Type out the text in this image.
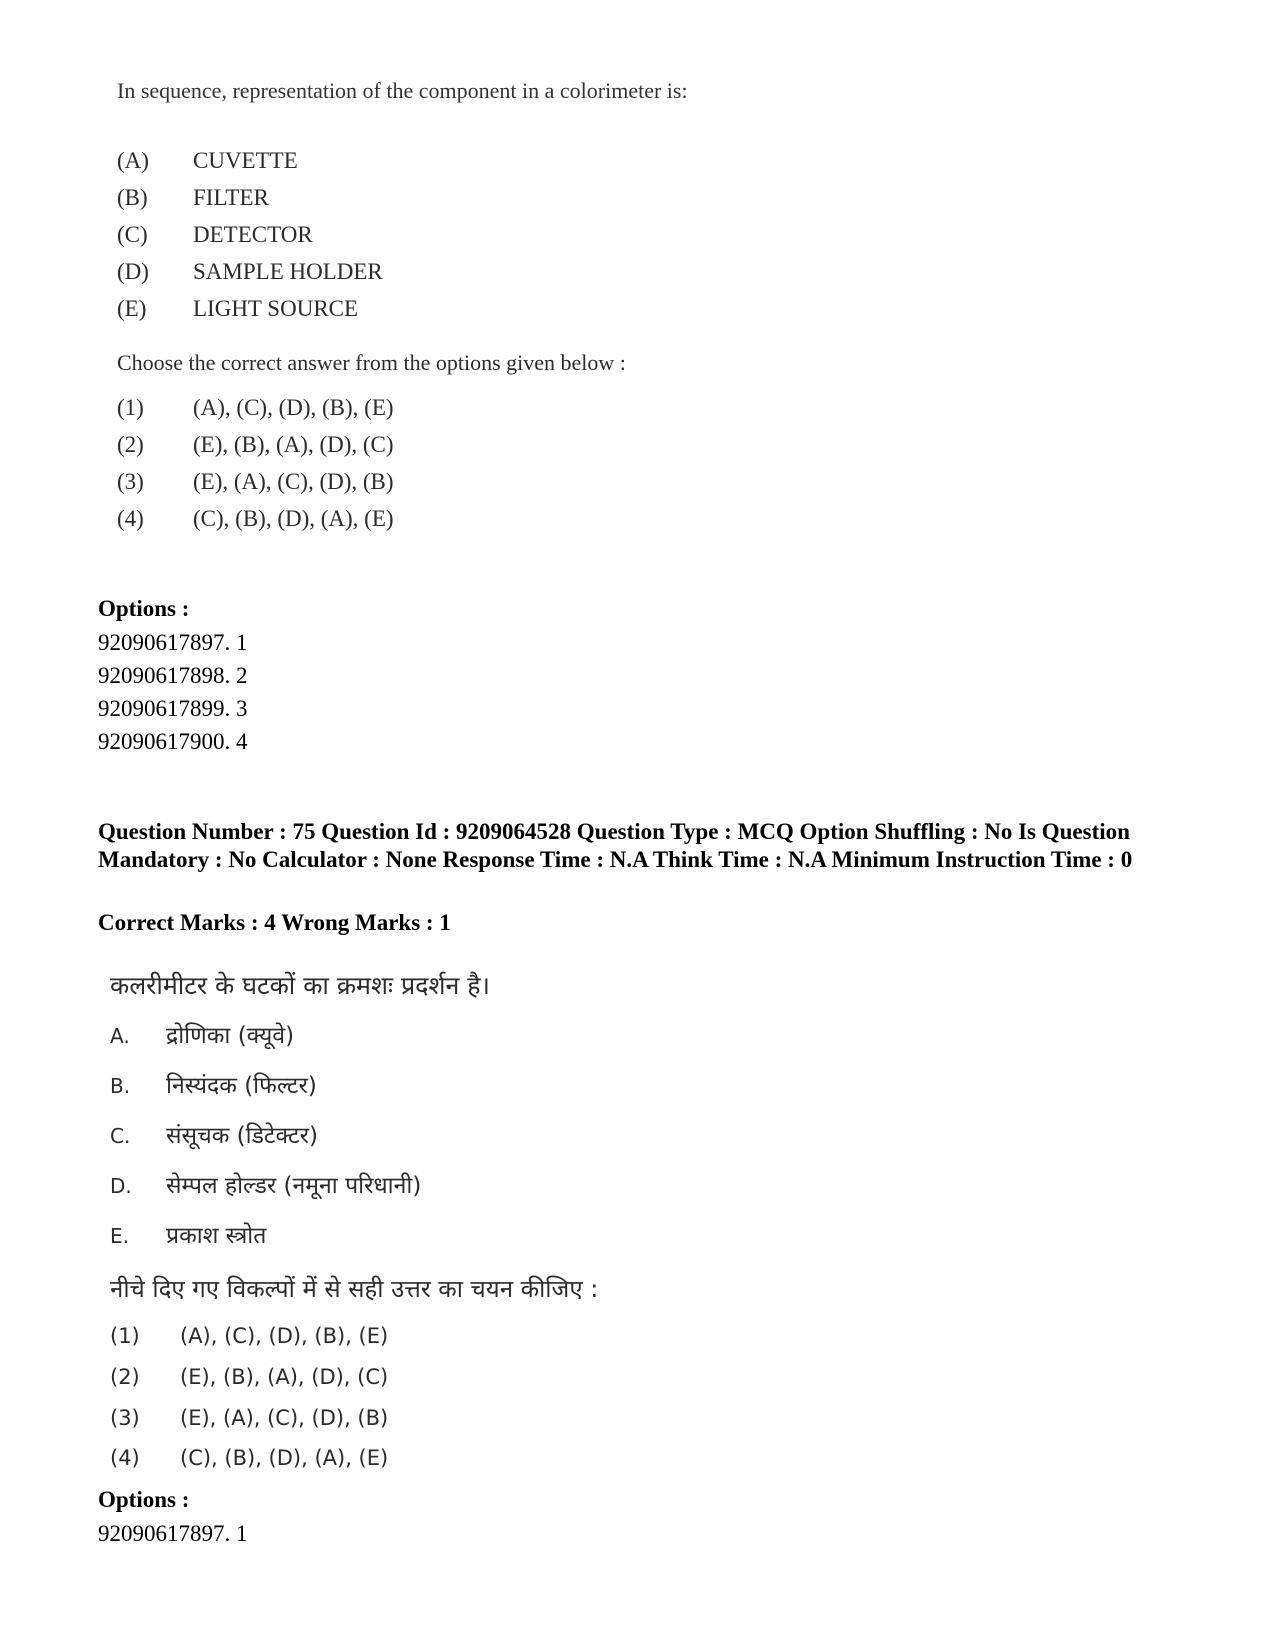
In sequence, representation of the component in a colorimeter is:
(A) CUVETTE
(B) FILTER
(C) DETECTOR
(D) SAMPLE HOLDER
(E) LIGHT SOURCE
Choose the correct answer from the options given below :
(1) (A), (C), (D), (B), (E)
(2) (E), (B), (A), (D), (C)
(3) (E), (A), (C), (D), (B)
(4) (C), (B), (D), (A), (E)
Options :
92090617897. 1
92090617898. 2
92090617899. 3
92090617900. 4
Question Number : 75 Question Id : 9209064528 Question Type : MCQ Option Shuffling : No Is Question Mandatory : No Calculator : None Response Time : N.A Think Time : N.A Minimum Instruction Time : 0
Correct Marks : 4 Wrong Marks : 1
कलरीमीटर के घटकों का क्रमशः प्रदर्शन है।
A. द्रोणिका (क्यूवे)
B. निस्यंदक (फिल्टर)
C. संसूचक (डिटेक्टर)
D. सेम्पल होल्डर (नमूना परिधानी)
E. प्रकाश स्त्रोत
नीचे दिए गए विकल्पों में से सही उत्तर का चयन कीजिए :
(1) (A), (C), (D), (B), (E)
(2) (E), (B), (A), (D), (C)
(3) (E), (A), (C), (D), (B)
(4) (C), (B), (D), (A), (E)
Options :
92090617897. 1
